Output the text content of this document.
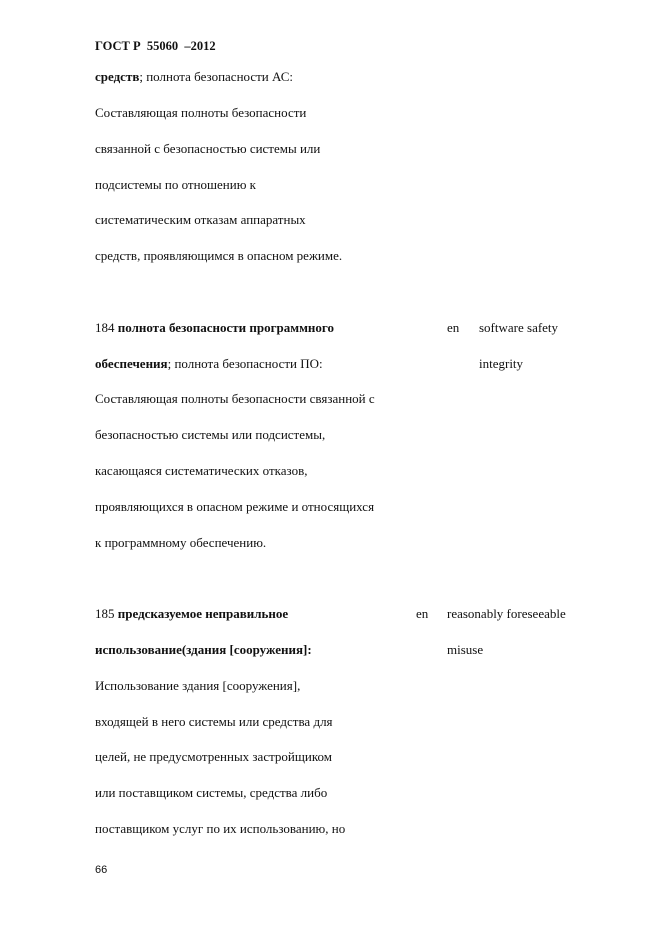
ГОСТ Р  55060  –2012
средств; полнота безопасности АС:
Составляющая полноты безопасности
связанной с безопасностью системы или
подсистемы по отношению к
систематическим отказам аппаратных
средств, проявляющимся в опасном режиме.
184 полнота безопасности программного	en software safety
обеспечения; полнота безопасности ПО:	integrity
Составляющая полноты безопасности связанной с
безопасностью системы или подсистемы,
касающаяся систематических отказов,
проявляющихся в опасном режиме и относящихся
к программному обеспечению.
185 предсказуемое неправильное	en reasonably foreseeable
использование(здания [сооружения]:	misuse
Использование здания [сооружения],
входящей в него системы или средства для
целей, не предусмотренных застройщиком
или поставщиком системы, средства либо
поставщиком услуг по их использованию, но
66
